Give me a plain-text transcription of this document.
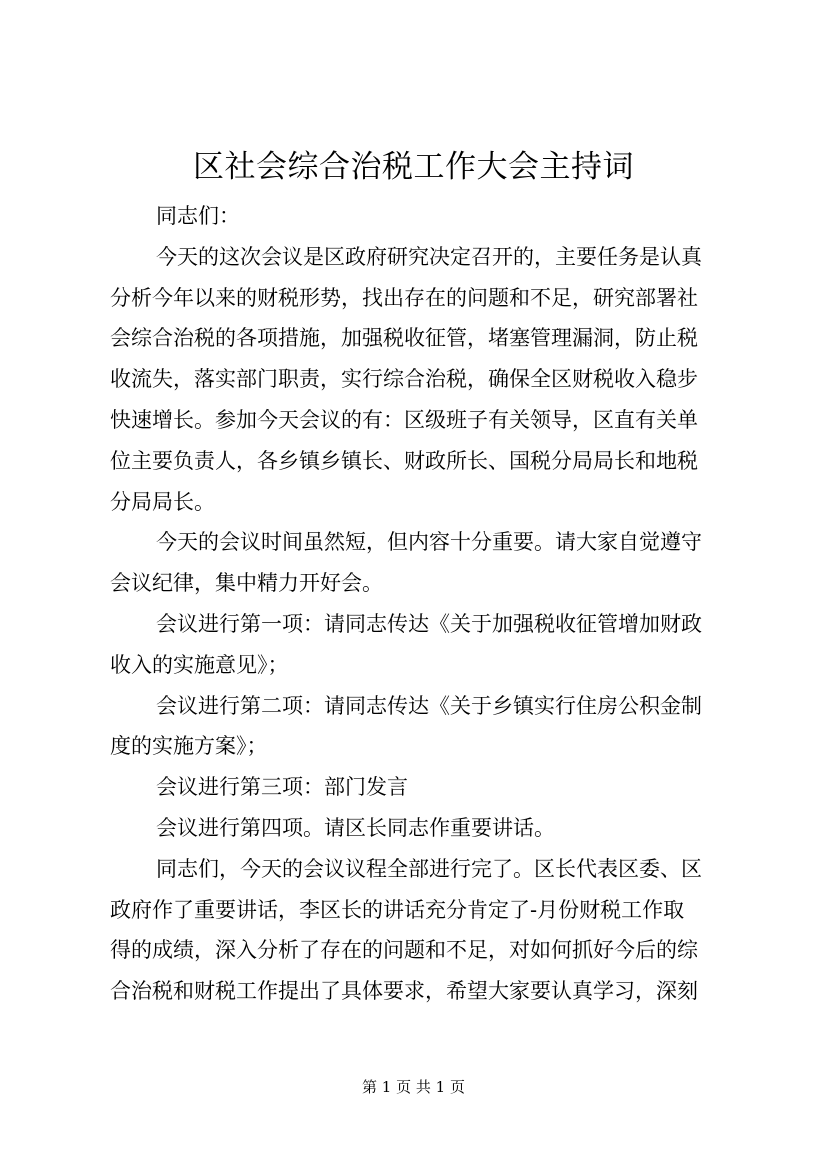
区社会综合治税工作大会主持词
同志们：
今天的这次会议是区政府研究决定召开的，主要任务是认真
分析今年以来的财税形势，找出存在的问题和不足，研究部署社
会综合治税的各项措施，加强税收征管，堵塞管理漏洞，防止税
收流失，落实部门职责，实行综合治税，确保全区财税收入稳步
快速增长。参加今天会议的有：区级班子有关领导，区直有关单
位主要负责人，各乡镇乡镇长、财政所长、国税分局局长和地税
分局局长。
今天的会议时间虽然短，但内容十分重要。请大家自觉遵守
会议纪律，集中精力开好会。
会议进行第一项：请同志传达《关于加强税收征管增加财政
收入的实施意见》；
会议进行第二项：请同志传达《关于乡镇实行住房公积金制
度的实施方案》；
会议进行第三项：部门发言
会议进行第四项。请区长同志作重要讲话。
同志们，今天的会议议程全部进行完了。区长代表区委、区
政府作了重要讲话，李区长的讲话充分肯定了-月份财税工作取
得的成绩，深入分析了存在的问题和不足，对如何抓好今后的综
合治税和财税工作提出了具体要求，希望大家要认真学习，深刻
第 1 页 共 1 页
